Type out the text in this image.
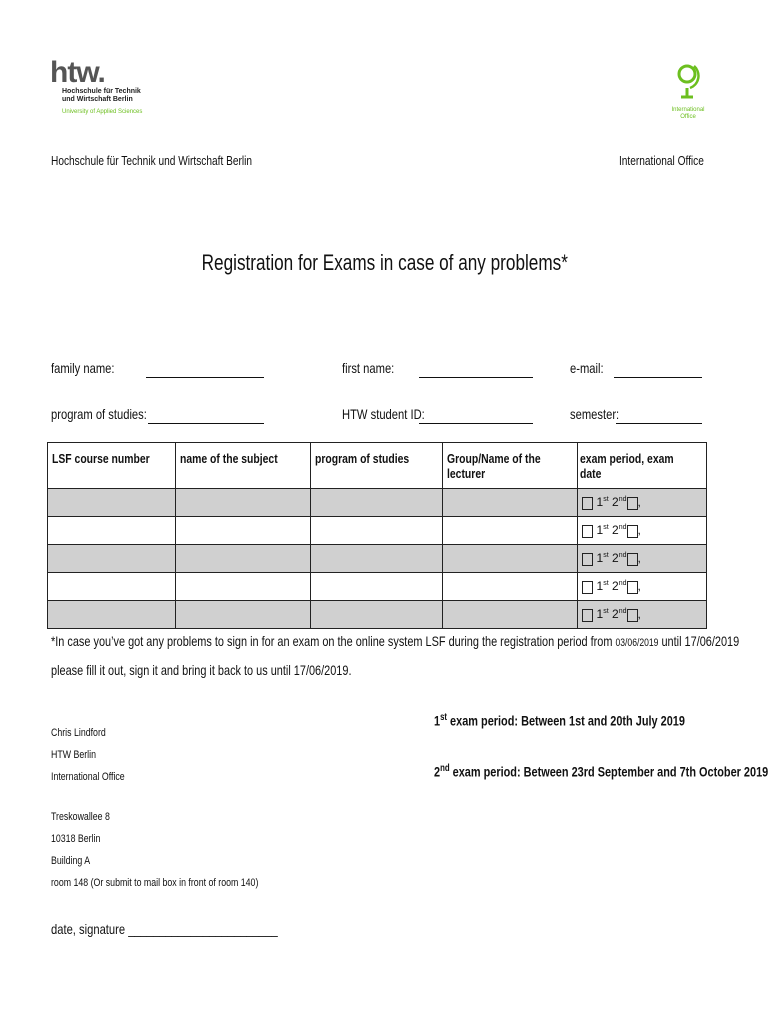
htw.
Hochschule für Technik
und Wirtschaft Berlin
University of Applied Sciences	International
Office
Hochschule für Technik und Wirtschaft Berlin	International Office
Registration for Exams in case of any problems*
family name:	first name:	e-mail:
program of studies:	HTW student ID:	semester:
LSF course number	name of the subject	program of studies	Group/Name of the lecturer	exam period, exam date
				1st 2nd ,
				1st 2nd ,
				1st 2nd ,
				1st 2nd ,
				1st 2nd ,
*In case you’ve got any problems to sign in for an exam on the online system LSF during the registration period from 03/06/2019 until 17/06/2019
please fill it out, sign it and bring it back to us until 17/06/2019.
Chris Lindford
HTW Berlin
International Office
Treskowallee 8
10318 Berlin
Building A
room 148 (Or submit to mail box in front of room 140)
1st exam period: Between 1st and 20th July 2019
2nd exam period: Between 23rd September and 7th October 2019
date, signature ________________________
